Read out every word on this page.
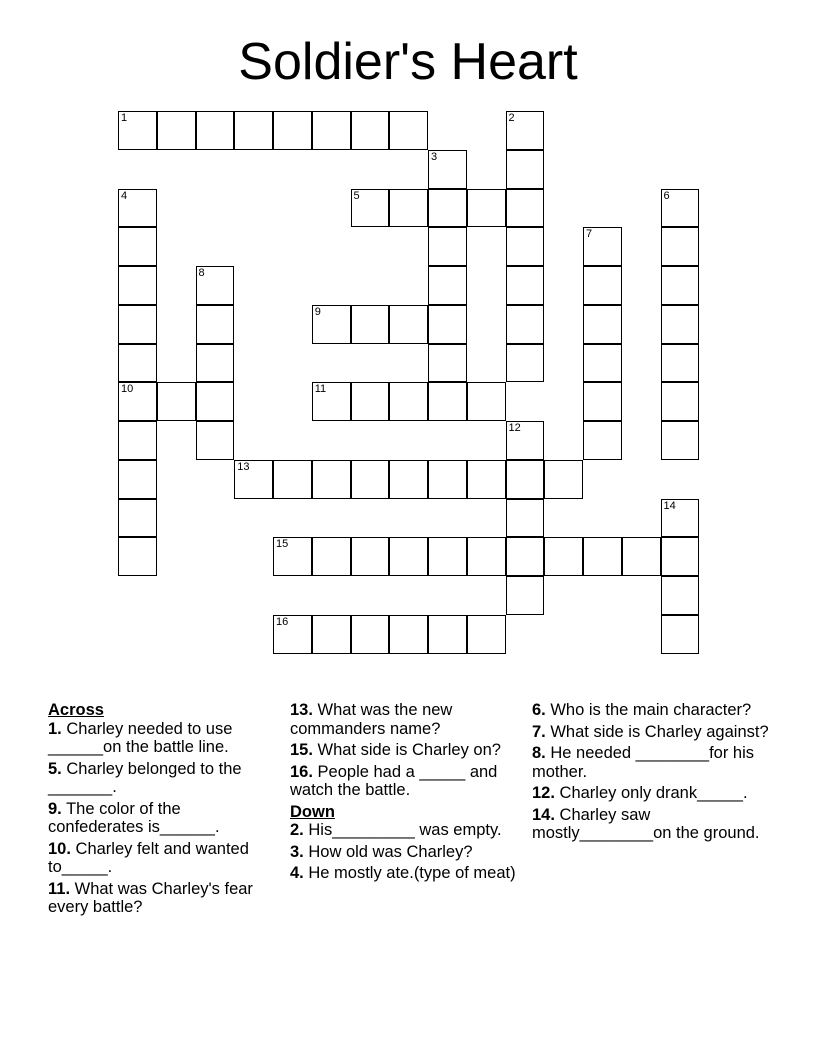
Soldier's Heart
1	2
3
4
10
5	6
7
8
9
11
12
13
14
15
16
Across
1. Charley needed to use ______on the battle line.
5. Charley belonged to the _______.
9. The color of the confederates is______.
10. Charley felt and wanted to_____.
11. What was Charley's fear every battle?
13. What was the new commanders name?
15. What side is Charley on?
16. People had a _____ and watch the battle.
Down
2. His_________ was empty.
3. How old was Charley?
4. He mostly ate.(type of meat)
6. Who is the main character?
7. What side is Charley against?
8. He needed ________for his mother.
12. Charley only drank_____.
14. Charley saw mostly________on the ground.
